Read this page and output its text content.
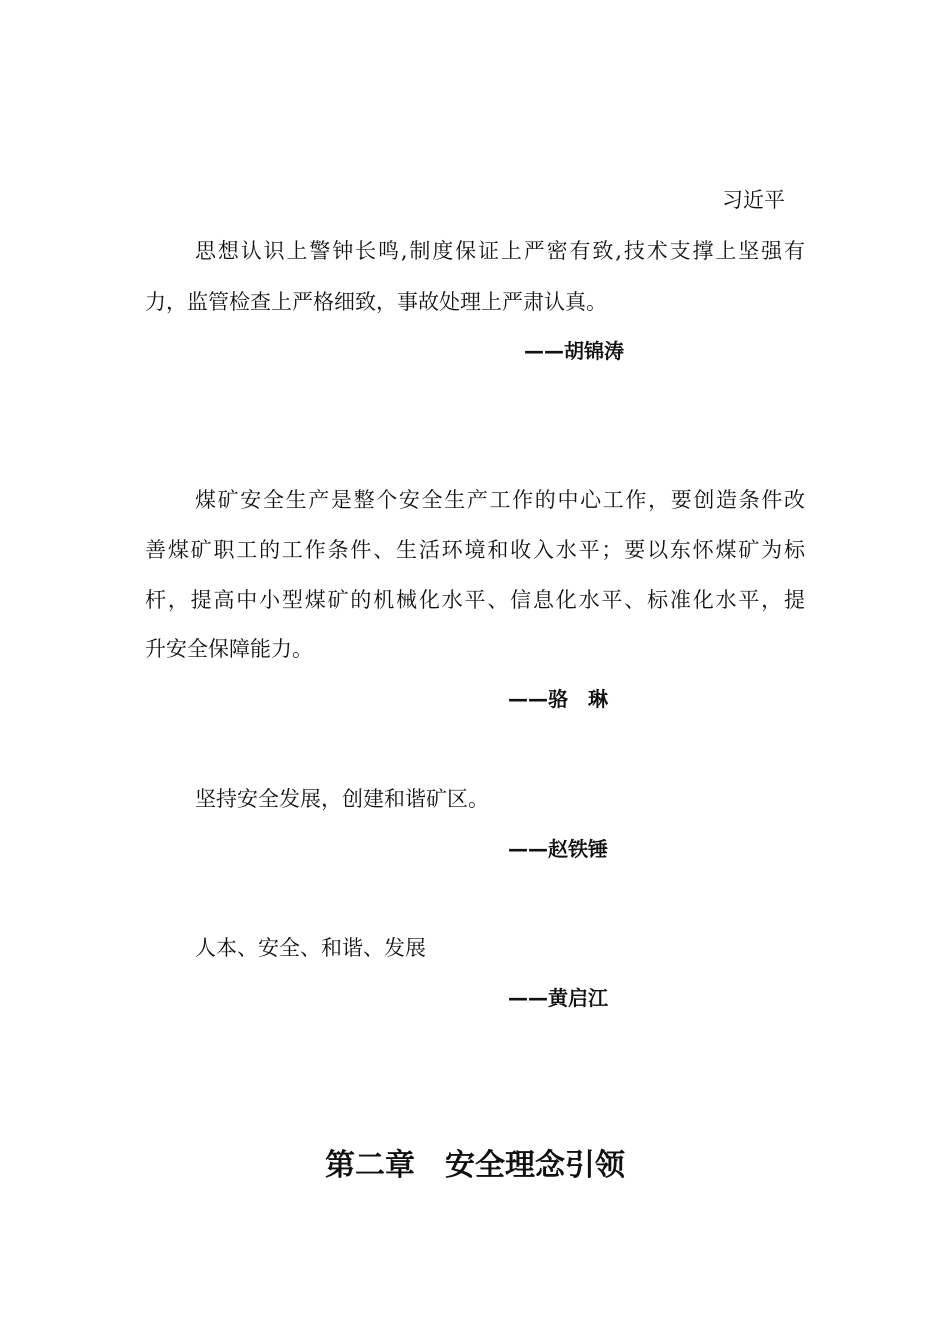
习近平

思想认识上警钟长鸣,制度保证上严密有致,技术支撑上坚强有

力，监管检查上严格细致，事故处理上严肃认真。

——胡锦涛

煤矿安全生产是整个安全生产工作的中心工作，要创造条件改

善煤矿职工的工作条件、生活环境和收入水平；要以东怀煤矿为标

杆，提高中小型煤矿的机械化水平、信息化水平、标准化水平，提

升安全保障能力。

——骆　琳

坚持安全发展，创建和谐矿区。

——赵铁锤

人本、安全、和谐、发展

——黄启江

第二章　安全理念引领
